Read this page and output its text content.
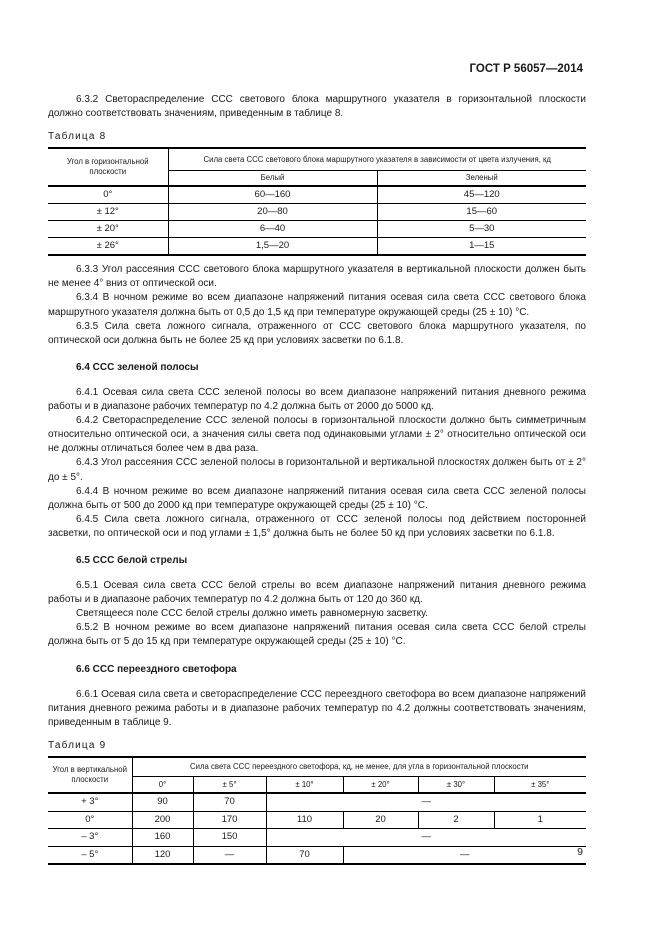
ГОСТ Р 56057—2014

6.3.2 Светораспределение ССС светового блока маршрутного указателя в горизонтальной плоскости должно соответствовать значениям, приведенным в таблице 8.

Таблица 8
Угол в горизонтальной плоскости	Сила света ССС светового блока маршрутного указателя в зависимости от цвета излучения, кд	
	Белый	Зеленый
0°	60—160	45—120
± 12°	20—80	15—60
± 20°	6—40	5—30
± 26°	1,5—20	1—15

6.3.3 Угол рассеяния ССС светового блока маршрутного указателя в вертикальной плоскости должен быть не менее 4° вниз от оптической оси.

6.3.4 В ночном режиме во всем диапазоне напряжений питания осевая сила света ССС светового блока маршрутного указателя должна быть от 0,5 до 1,5 кд при температуре окружающей среды (25 ± 10) °С.

6.3.5 Сила света ложного сигнала, отраженного от ССС светового блока маршрутного указателя, по оптической оси должна быть не более 25 кд при условиях засветки по 6.1.8.

6.4 ССС зеленой полосы

6.4.1 Осевая сила света ССС зеленой полосы во всем диапазоне напряжений питания дневного режима работы и в диапазоне рабочих температур по 4.2 должна быть от 2000 до 5000 кд.

6.4.2 Светораспределение ССС зеленой полосы в горизонтальной плоскости должно быть симметричным относительно оптической оси, а значения силы света под одинаковыми углами ± 2° относительно оптической оси не должны отличаться более чем в два раза.

6.4.3 Угол рассеяния ССС зеленой полосы в горизонтальной и вертикальной плоскостях должен быть от ± 2° до ± 5°.

6.4.4 В ночном режиме во всем диапазоне напряжений питания осевая сила света ССС зеленой полосы должна быть от 500 до 2000 кд при температуре окружающей среды (25 ± 10) °С.

6.4.5 Сила света ложного сигнала, отраженного от ССС зеленой полосы под действием посторонней засветки, по оптической оси и под углами ± 1,5° должна быть не более 50 кд при условиях засветки по 6.1.8.

6.5 ССС белой стрелы

6.5.1 Осевая сила света ССС белой стрелы во всем диапазоне напряжений питания дневного режима работы и в диапазоне рабочих температур по 4.2 должна быть от 120 до 360 кд.

Светящееся поле ССС белой стрелы должно иметь равномерную засветку.

6.5.2 В ночном режиме во всем диапазоне напряжений питания осевая сила света ССС белой стрелы должна быть от 5 до 15 кд при температуре окружающей среды (25 ± 10) °С.

6.6 ССС переездного светофора

6.6.1 Осевая сила света и светораспределение ССС переездного светофора во всем диапазоне напряжений питания дневного режима работы и в диапазоне рабочих температур по 4.2 должны соответствовать значениям, приведенным в таблице 9.

Таблица 9
Угол в вертикальной плоскости	Сила света ССС переездного светофора, кд, не менее, для угла в горизонтальной плоскости					
	0°	± 5°	± 10°	± 20°	± 30°	± 35°
+ 3°	90	70	—			
0°	200	170	110	20	2	1
– 3°	160	150	—			
– 5°	120	—	70	—			9
